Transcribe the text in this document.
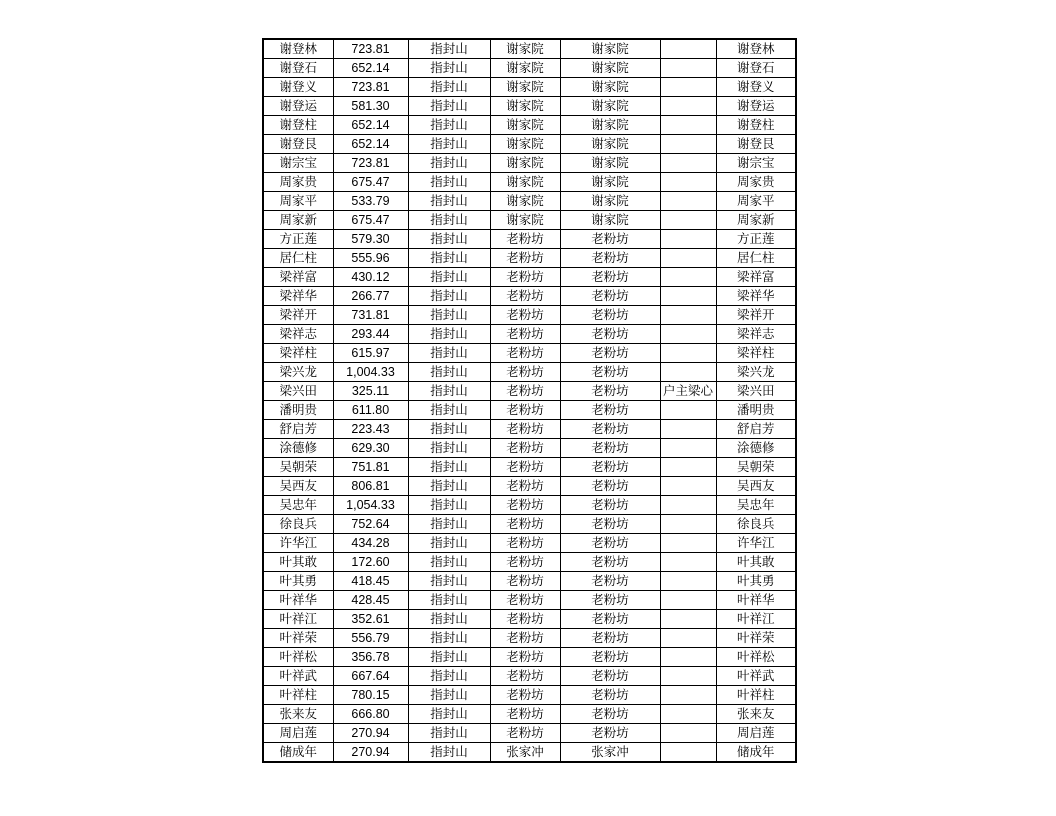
谢登林	723.81	指封山	谢家院	谢家院		谢登林
谢登石	652.14	指封山	谢家院	谢家院		谢登石
谢登义	723.81	指封山	谢家院	谢家院		谢登义
谢登运	581.30	指封山	谢家院	谢家院		谢登运
谢登柱	652.14	指封山	谢家院	谢家院		谢登柱
谢登艮	652.14	指封山	谢家院	谢家院		谢登艮
谢宗宝	723.81	指封山	谢家院	谢家院		谢宗宝
周家贵	675.47	指封山	谢家院	谢家院		周家贵
周家平	533.79	指封山	谢家院	谢家院		周家平
周家新	675.47	指封山	谢家院	谢家院		周家新
方正莲	579.30	指封山	老粉坊	老粉坊		方正莲
居仁柱	555.96	指封山	老粉坊	老粉坊		居仁柱
梁祥富	430.12	指封山	老粉坊	老粉坊		梁祥富
梁祥华	266.77	指封山	老粉坊	老粉坊		梁祥华
梁祥开	731.81	指封山	老粉坊	老粉坊		梁祥开
梁祥志	293.44	指封山	老粉坊	老粉坊		梁祥志
梁祥柱	615.97	指封山	老粉坊	老粉坊		梁祥柱
梁兴龙	1,004.33	指封山	老粉坊	老粉坊		梁兴龙
梁兴田	325.11	指封山	老粉坊	老粉坊	户主梁心	梁兴田
潘明贵	611.80	指封山	老粉坊	老粉坊		潘明贵
舒启芳	223.43	指封山	老粉坊	老粉坊		舒启芳
涂德修	629.30	指封山	老粉坊	老粉坊		涂德修
吴朝荣	751.81	指封山	老粉坊	老粉坊		吴朝荣
吴西友	806.81	指封山	老粉坊	老粉坊		吴西友
吴忠年	1,054.33	指封山	老粉坊	老粉坊		吴忠年
徐良兵	752.64	指封山	老粉坊	老粉坊		徐良兵
许华江	434.28	指封山	老粉坊	老粉坊		许华江
叶其敢	172.60	指封山	老粉坊	老粉坊		叶其敢
叶其勇	418.45	指封山	老粉坊	老粉坊		叶其勇
叶祥华	428.45	指封山	老粉坊	老粉坊		叶祥华
叶祥江	352.61	指封山	老粉坊	老粉坊		叶祥江
叶祥荣	556.79	指封山	老粉坊	老粉坊		叶祥荣
叶祥松	356.78	指封山	老粉坊	老粉坊		叶祥松
叶祥武	667.64	指封山	老粉坊	老粉坊		叶祥武
叶祥柱	780.15	指封山	老粉坊	老粉坊		叶祥柱
张来友	666.80	指封山	老粉坊	老粉坊		张来友
周启莲	270.94	指封山	老粉坊	老粉坊		周启莲
储成年	270.94	指封山	张家冲	张家冲		储成年
